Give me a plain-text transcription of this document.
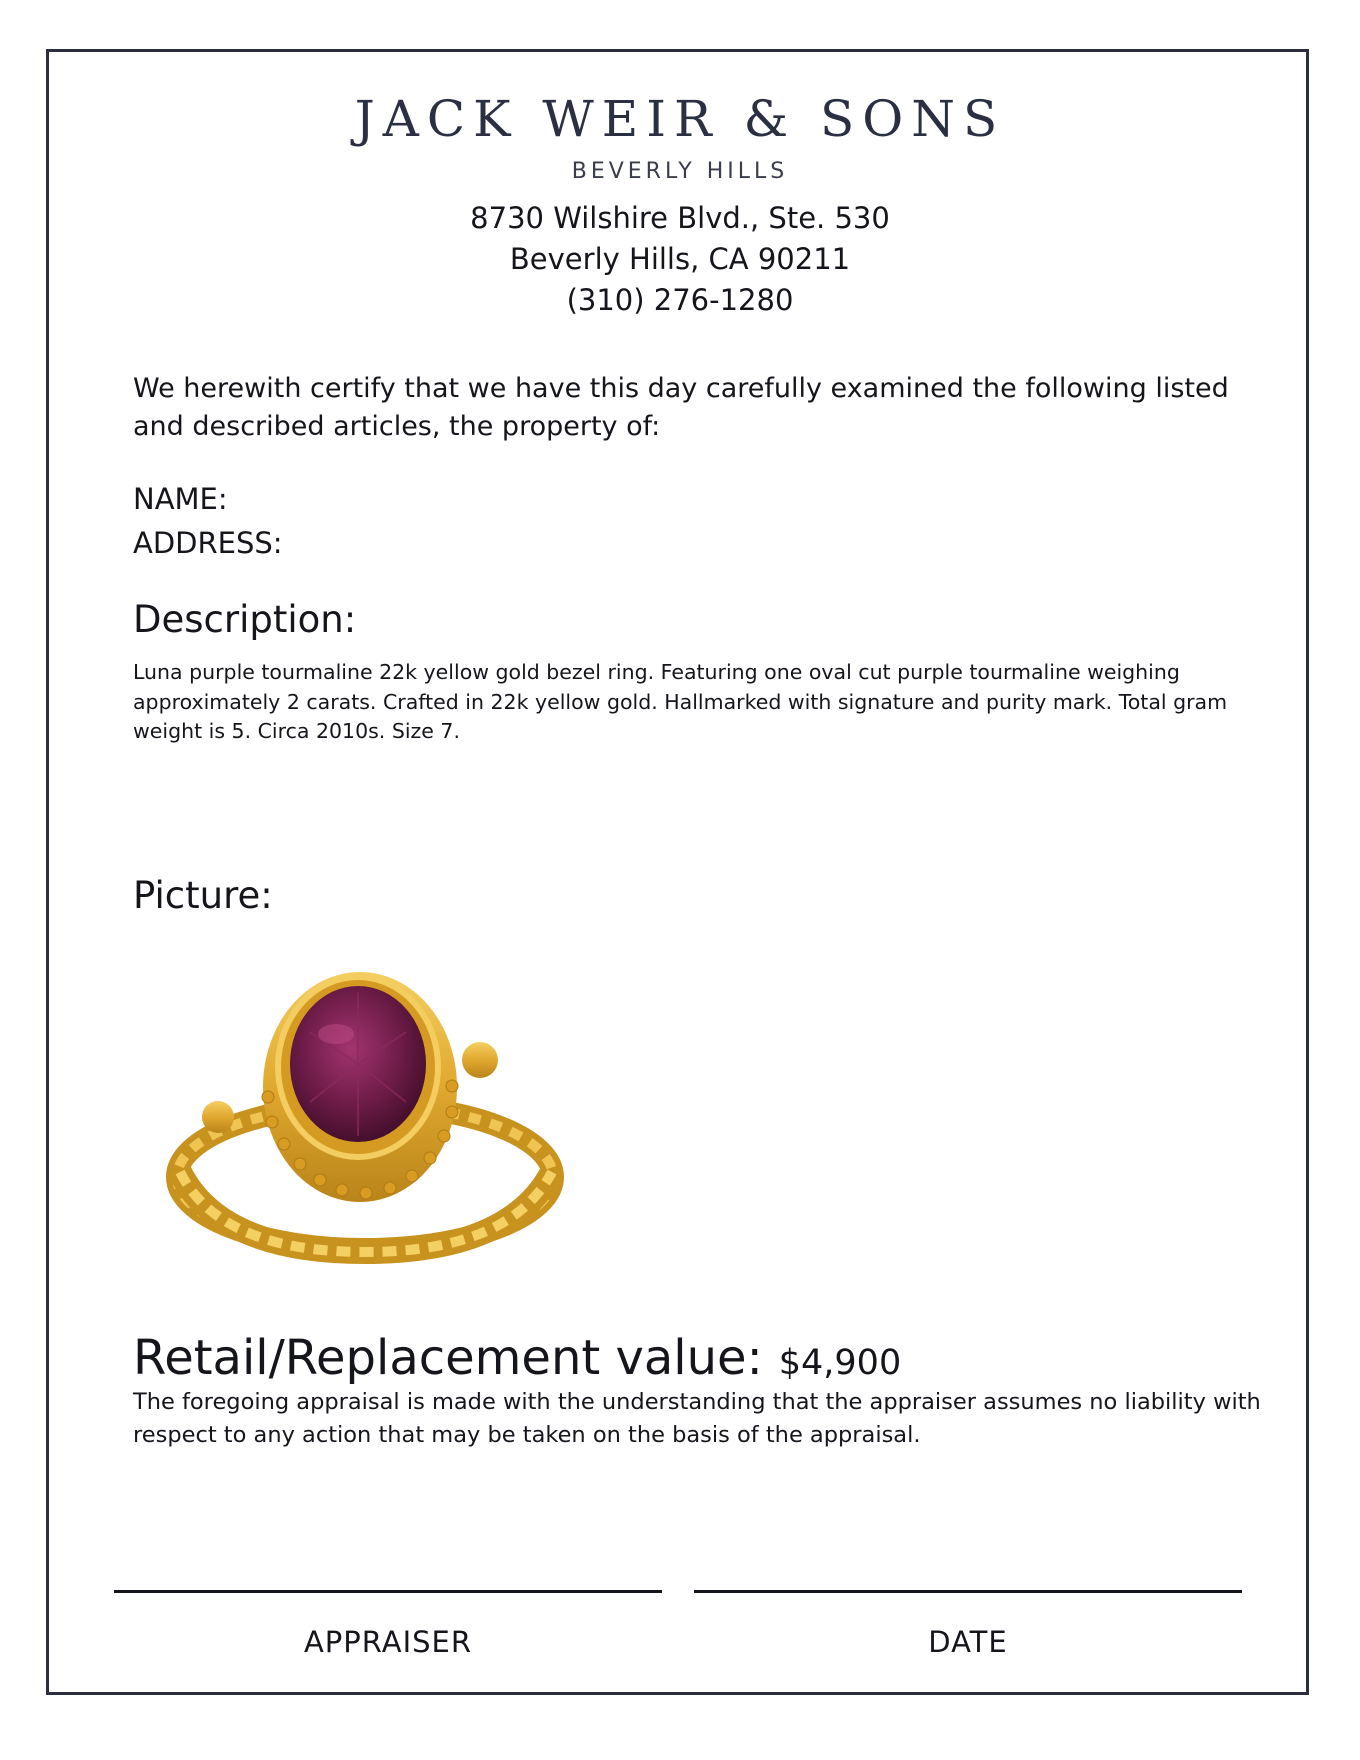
JACK WEIR & SONS
BEVERLY HILLS
8730 Wilshire Blvd., Ste. 530
Beverly Hills, CA 90211
(310) 276-1280
We herewith certify that we have this day carefully examined the following listed and described articles, the property of:
NAME:
ADDRESS:
Description:
Luna purple tourmaline 22k yellow gold bezel ring. Featuring one oval cut purple tourmaline weighing approximately 2 carats. Crafted in 22k yellow gold. Hallmarked with signature and purity mark. Total gram weight is 5. Circa 2010s. Size 7.
Picture:
Retail/Replacement value: $4,900
The foregoing appraisal is made with the understanding that the appraiser assumes no liability with respect to any action that may be taken on the basis of the appraisal.
APPRAISER	DATE
